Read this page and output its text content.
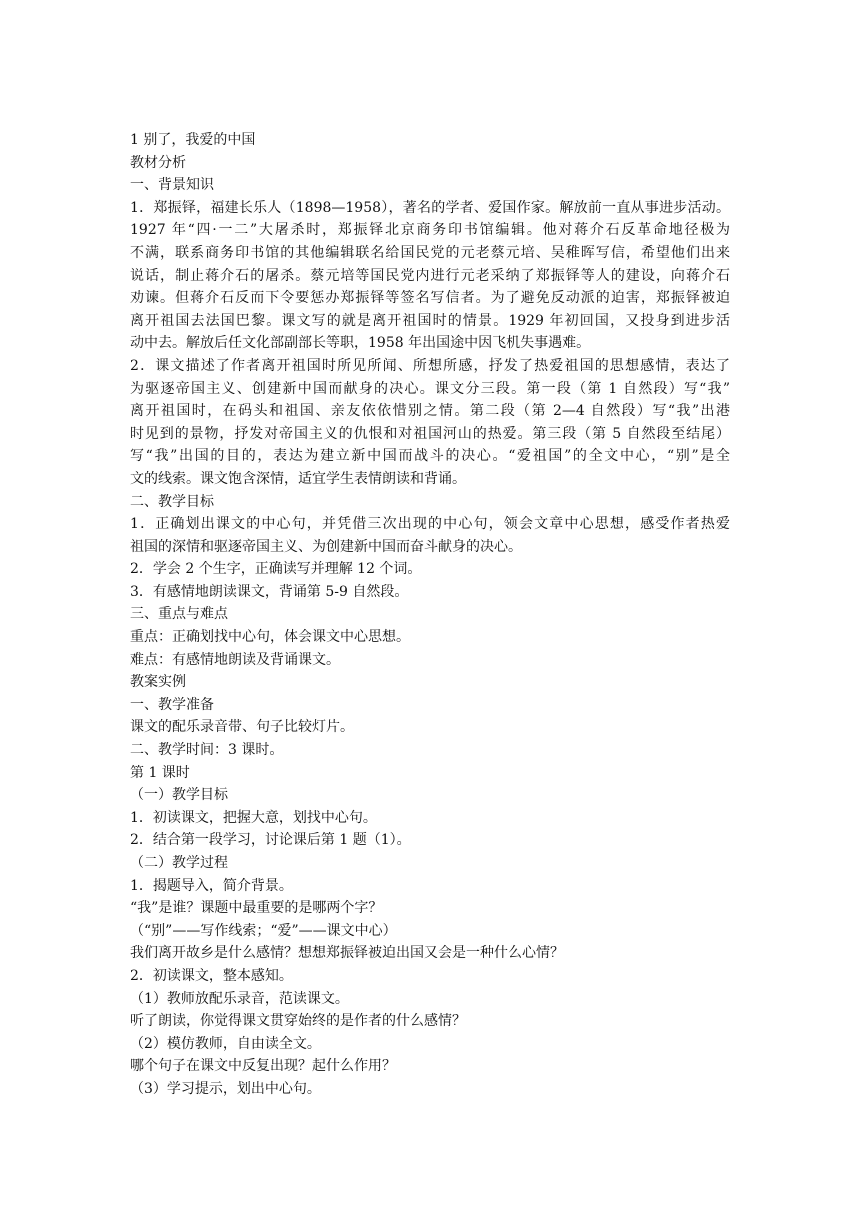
1 别了，我爱的中国
教材分析
一、背景知识
1．郑振铎，福建长乐人（1898—1958），著名的学者、爱国作家。解放前一直从事进步活动。
1927 年“四·一二”大屠杀时，郑振铎北京商务印书馆编辑。他对蒋介石反革命地径极为
不满，联系商务印书馆的其他编辑联名给国民党的元老蔡元培、吴稚晖写信，希望他们出来
说话，制止蒋介石的屠杀。蔡元培等国民党内进行元老采纳了郑振铎等人的建设，向蒋介石
劝谏。但蒋介石反而下令要惩办郑振铎等签名写信者。为了避免反动派的迫害，郑振铎被迫
离开祖国去法国巴黎。课文写的就是离开祖国时的情景。1929 年初回国，又投身到进步活
动中去。解放后任文化部副部长等职，1958 年出国途中因飞机失事遇难。
2．课文描述了作者离开祖国时所见所闻、所想所感，抒发了热爱祖国的思想感情，表达了
为驱逐帝国主义、创建新中国而献身的决心。课文分三段。第一段（第 1 自然段）写“我”
离开祖国时，在码头和祖国、亲友依依惜别之情。第二段（第 2—4 自然段）写“我”出港
时见到的景物，抒发对帝国主义的仇恨和对祖国河山的热爱。第三段（第 5 自然段至结尾）
写“我”出国的目的，表达为建立新中国而战斗的决心。“爱祖国”的全文中心，“别”是全
文的线索。课文饱含深情，适宜学生表情朗读和背诵。
二、教学目标
1．正确划出课文的中心句，并凭借三次出现的中心句，领会文章中心思想，感受作者热爱
祖国的深情和驱逐帝国主义、为创建新中国而奋斗献身的决心。
2．学会 2 个生字，正确读写并理解 12 个词。
3．有感情地朗读课文，背诵第 5-9 自然段。
三、重点与难点
重点：正确划找中心句，体会课文中心思想。
难点：有感情地朗读及背诵课文。
教案实例
一、教学准备
课文的配乐录音带、句子比较灯片。
二、教学时间：3 课时。
第 1 课时
（一）教学目标
1．初读课文，把握大意，划找中心句。
2．结合第一段学习，讨论课后第 1 题（1）。
（二）教学过程
1．揭题导入，简介背景。
“我”是谁？课题中最重要的是哪两个字？
（“别”——写作线索；“爱”——课文中心）
我们离开故乡是什么感情？想想郑振铎被迫出国又会是一种什么心情？
2．初读课文，整本感知。
（1）教师放配乐录音，范读课文。
听了朗读，你觉得课文贯穿始终的是作者的什么感情？
（2）模仿教师，自由读全文。
哪个句子在课文中反复出现？起什么作用？
（3）学习提示，划出中心句。
